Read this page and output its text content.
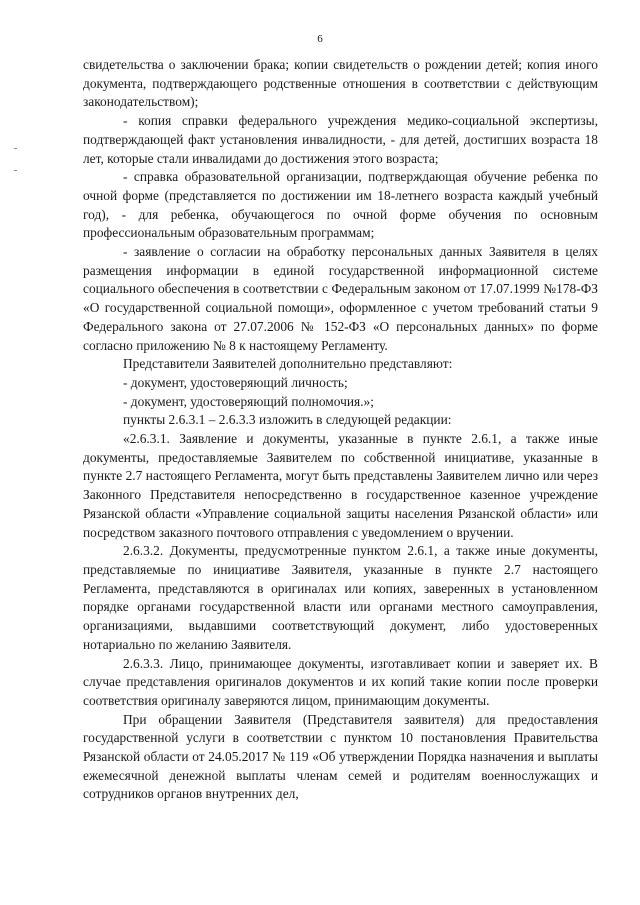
6

свидетельства о заключении брака; копии свидетельств о рождении детей; копия иного документа, подтверждающего родственные отношения в соответствии с действующим законодательством);

- копия справки федерального учреждения медико-социальной экспертизы, подтверждающей факт установления инвалидности, - для детей, достигших возраста 18 лет, которые стали инвалидами до достижения этого возраста;

- справка образовательной организации, подтверждающая обучение ребенка по очной форме (представляется по достижении им 18-летнего возраста каждый учебный год), - для ребенка, обучающегося по очной форме обучения по основным профессиональным образовательным программам;

- заявление о согласии на обработку персональных данных Заявителя в целях размещения информации в единой государственной информационной системе социального обеспечения в соответствии с Федеральным законом от 17.07.1999 №178-ФЗ «О государственной социальной помощи», оформленное с учетом требований статьи 9 Федерального закона от 27.07.2006 № 152-ФЗ «О персональных данных» по форме согласно приложению № 8 к настоящему Регламенту.

Представители Заявителей дополнительно представляют:

- документ, удостоверяющий личность;

- документ, удостоверяющий полномочия.»;

пункты 2.6.3.1 – 2.6.3.3 изложить в следующей редакции:

«2.6.3.1. Заявление и документы, указанные в пункте 2.6.1, а также иные документы, предоставляемые Заявителем по собственной инициативе, указанные в пункте 2.7 настоящего Регламента, могут быть представлены Заявителем лично или через Законного Представителя непосредственно в государственное казенное учреждение Рязанской области «Управление социальной защиты населения Рязанской области» или посредством заказного почтового отправления с уведомлением о вручении.

2.6.3.2. Документы, предусмотренные пунктом 2.6.1, а также иные документы, представляемые по инициативе Заявителя, указанные в пункте 2.7 настоящего Регламента, представляются в оригиналах или копиях, заверенных в установленном порядке органами государственной власти или органами местного самоуправления, организациями, выдавшими соответствующий документ, либо удостоверенных нотариально по желанию Заявителя.

2.6.3.3. Лицо, принимающее документы, изготавливает копии и заверяет их. В случае представления оригиналов документов и их копий такие копии после проверки соответствия оригиналу заверяются лицом, принимающим документы.

При обращении Заявителя (Представителя заявителя) для предоставления государственной услуги в соответствии с пунктом 10 постановления Правительства Рязанской области от 24.05.2017 № 119 «Об утверждении Порядка назначения и выплаты ежемесячной денежной выплаты членам семей и родителям военнослужащих и сотрудников органов внутренних дел,
